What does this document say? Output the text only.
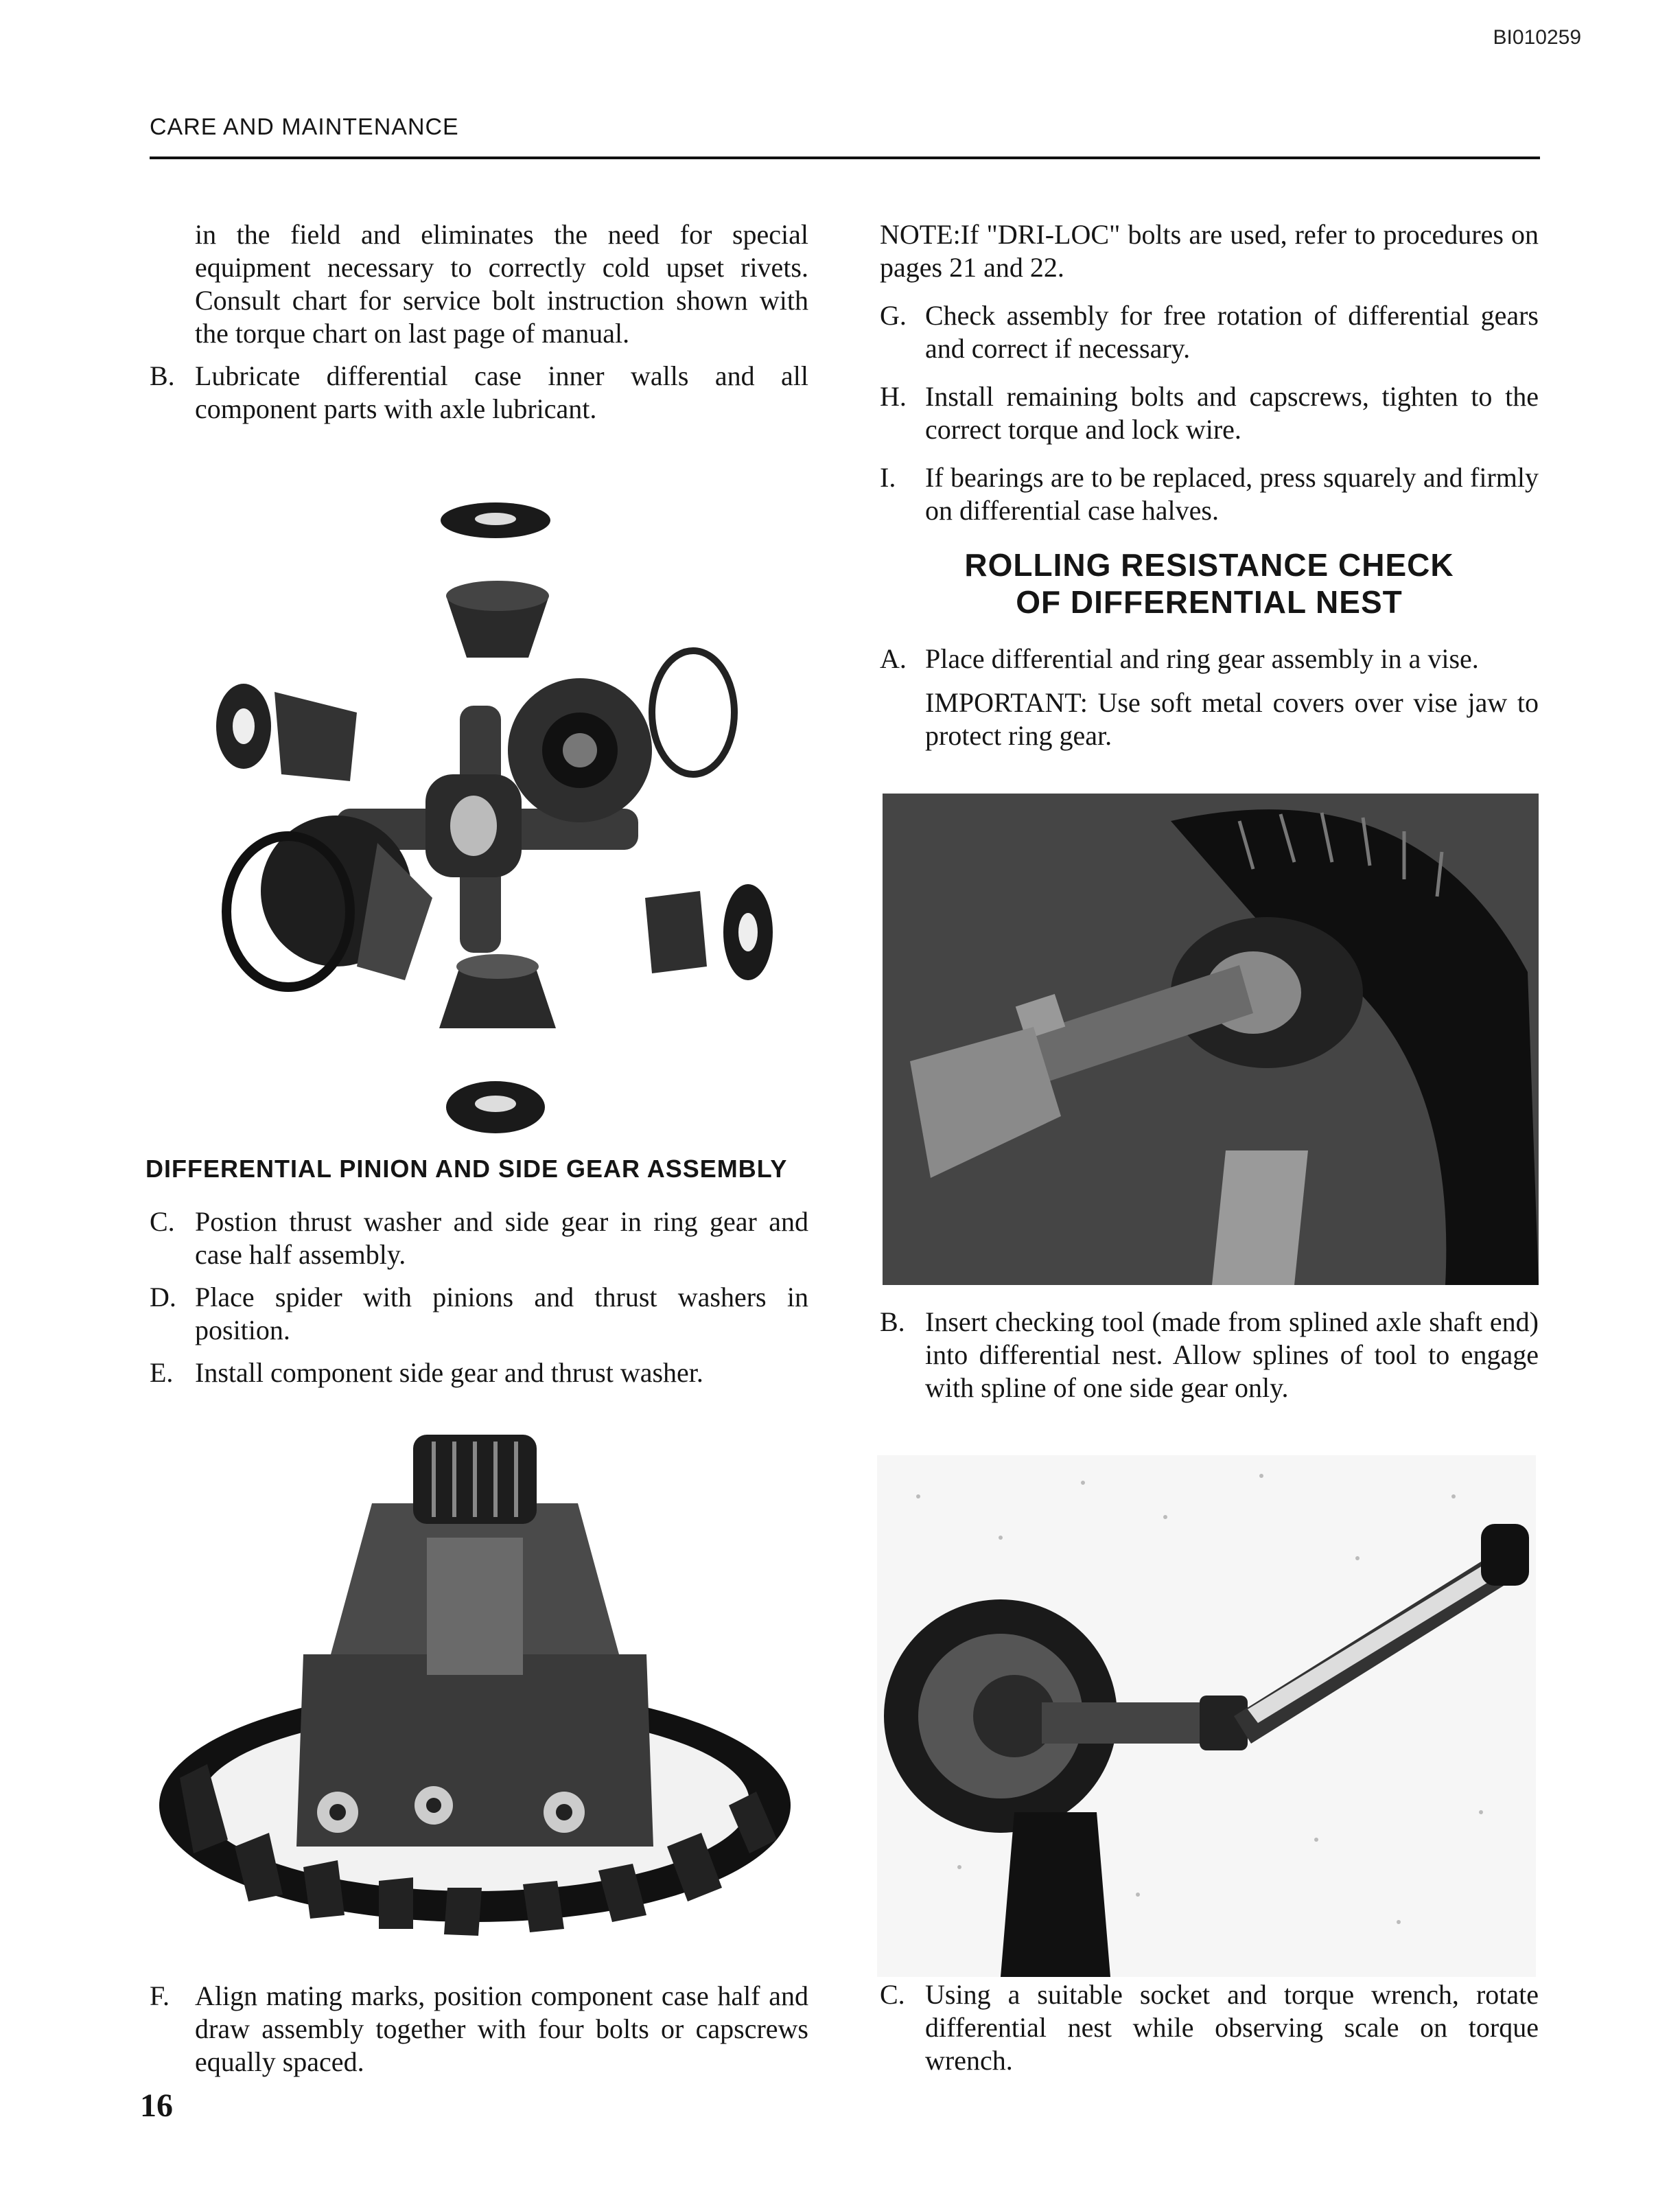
BI010259
CARE AND MAINTENANCE

in the field and eliminates the need for special equipment necessary to correctly cold upset rivets. Consult chart for service bolt instruction shown with the torque chart on last page of manual.

B. Lubricate differential case inner walls and all component parts with axle lubricant.
DIFFERENTIAL PINION AND SIDE GEAR ASSEMBLY
C. Postion thrust washer and side gear in ring gear and case half assembly.
D. Place spider with pinions and thrust washers in position.
E. Install component side gear and thrust washer.
F. Align mating marks, position component case half and draw assembly together with four bolts or capscrews equally spaced.

NOTE:If "DRI-LOC" bolts are used, refer to procedures on pages 21 and 22.

G. Check assembly for free rotation of differential gears and correct if necessary.
H. Install remaining bolts and capscrews, tighten to the correct torque and lock wire.
I.	If bearings are to be replaced, press squarely and firmly on differential case halves.
ROLLING RESISTANCE CHECK
OF DIFFERENTIAL NEST
A. Place differential and ring gear assembly in a vise.

IMPORTANT: Use soft metal covers over vise jaw to protect ring gear.

B. Insert checking tool (made from splined axle shaft end) into differential nest. Allow splines of tool to engage with spline of one side gear only.
C. Using a suitable socket and torque wrench, rotate differential nest while observing scale on torque wrench.
16
